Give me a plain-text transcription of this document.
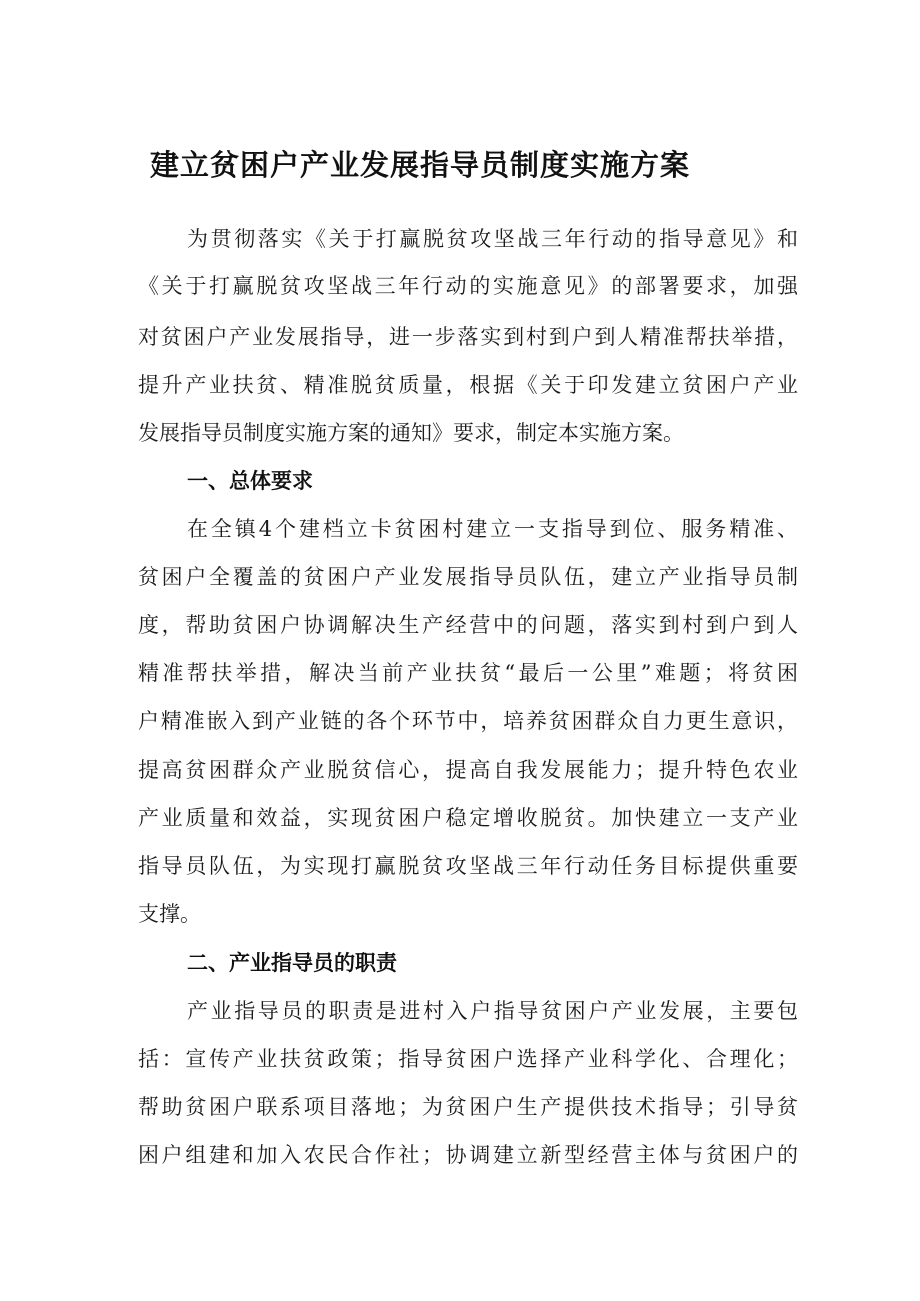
建立贫困户产业发展指导员制度实施方案

为贯彻落实《关于打赢脱贫攻坚战三年行动的指导意见》和

《关于打赢脱贫攻坚战三年行动的实施意见》的部署要求，加强

对贫困户产业发展指导，进一步落实到村到户到人精准帮扶举措，

提升产业扶贫、精准脱贫质量，根据《关于印发建立贫困户产业

发展指导员制度实施方案的通知》要求，制定本实施方案。

一、总体要求

在全镇4个建档立卡贫困村建立一支指导到位、服务精准、

贫困户全覆盖的贫困户产业发展指导员队伍，建立产业指导员制

度，帮助贫困户协调解决生产经营中的问题，落实到村到户到人

精准帮扶举措，解决当前产业扶贫“最后一公里”难题；将贫困

户精准嵌入到产业链的各个环节中，培养贫困群众自力更生意识，

提高贫困群众产业脱贫信心，提高自我发展能力；提升特色农业

产业质量和效益，实现贫困户稳定增收脱贫。加快建立一支产业

指导员队伍，为实现打赢脱贫攻坚战三年行动任务目标提供重要

支撑。

二、产业指导员的职责

产业指导员的职责是进村入户指导贫困户产业发展，主要包

括：宣传产业扶贫政策；指导贫困户选择产业科学化、合理化；

帮助贫困户联系项目落地；为贫困户生产提供技术指导；引导贫

困户组建和加入农民合作社；协调建立新型经营主体与贫困户的
